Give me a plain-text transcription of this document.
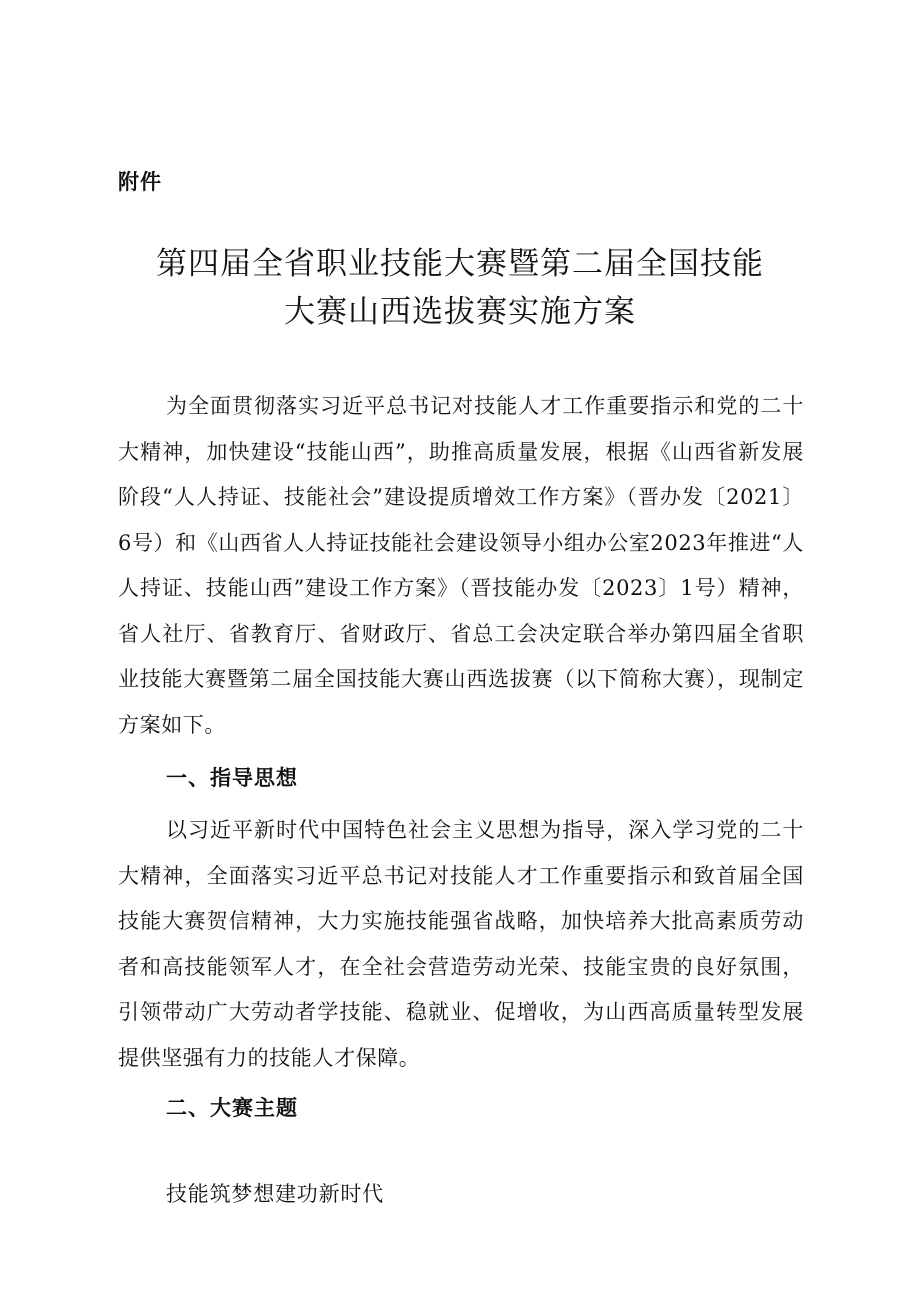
附件
第四届全省职业技能大赛暨第二届全国技能
大赛山西选拔赛实施方案

为全面贯彻落实习近平总书记对技能人才工作重要指示和党的二十大精神，加快建设“技能山西”，助推高质量发展，根据《山西省新发展阶段“人人持证、技能社会”建设提质增效工作方案》（晋办发〔2021〕6号）和《山西省人人持证技能社会建设领导小组办公室2023年推进“人人持证、技能山西”建设工作方案》（晋技能办发〔2023〕1号）精神，省人社厅、省教育厅、省财政厅、省总工会决定联合举办第四届全省职业技能大赛暨第二届全国技能大赛山西选拔赛（以下简称大赛），现制定方案如下。

一、指导思想

以习近平新时代中国特色社会主义思想为指导，深入学习党的二十大精神，全面落实习近平总书记对技能人才工作重要指示和致首届全国技能大赛贺信精神，大力实施技能强省战略，加快培养大批高素质劳动者和高技能领军人才，在全社会营造劳动光荣、技能宝贵的良好氛围，引领带动广大劳动者学技能、稳就业、促增收，为山西高质量转型发展提供坚强有力的技能人才保障。

二、大赛主题
技能筑梦想建功新时代
